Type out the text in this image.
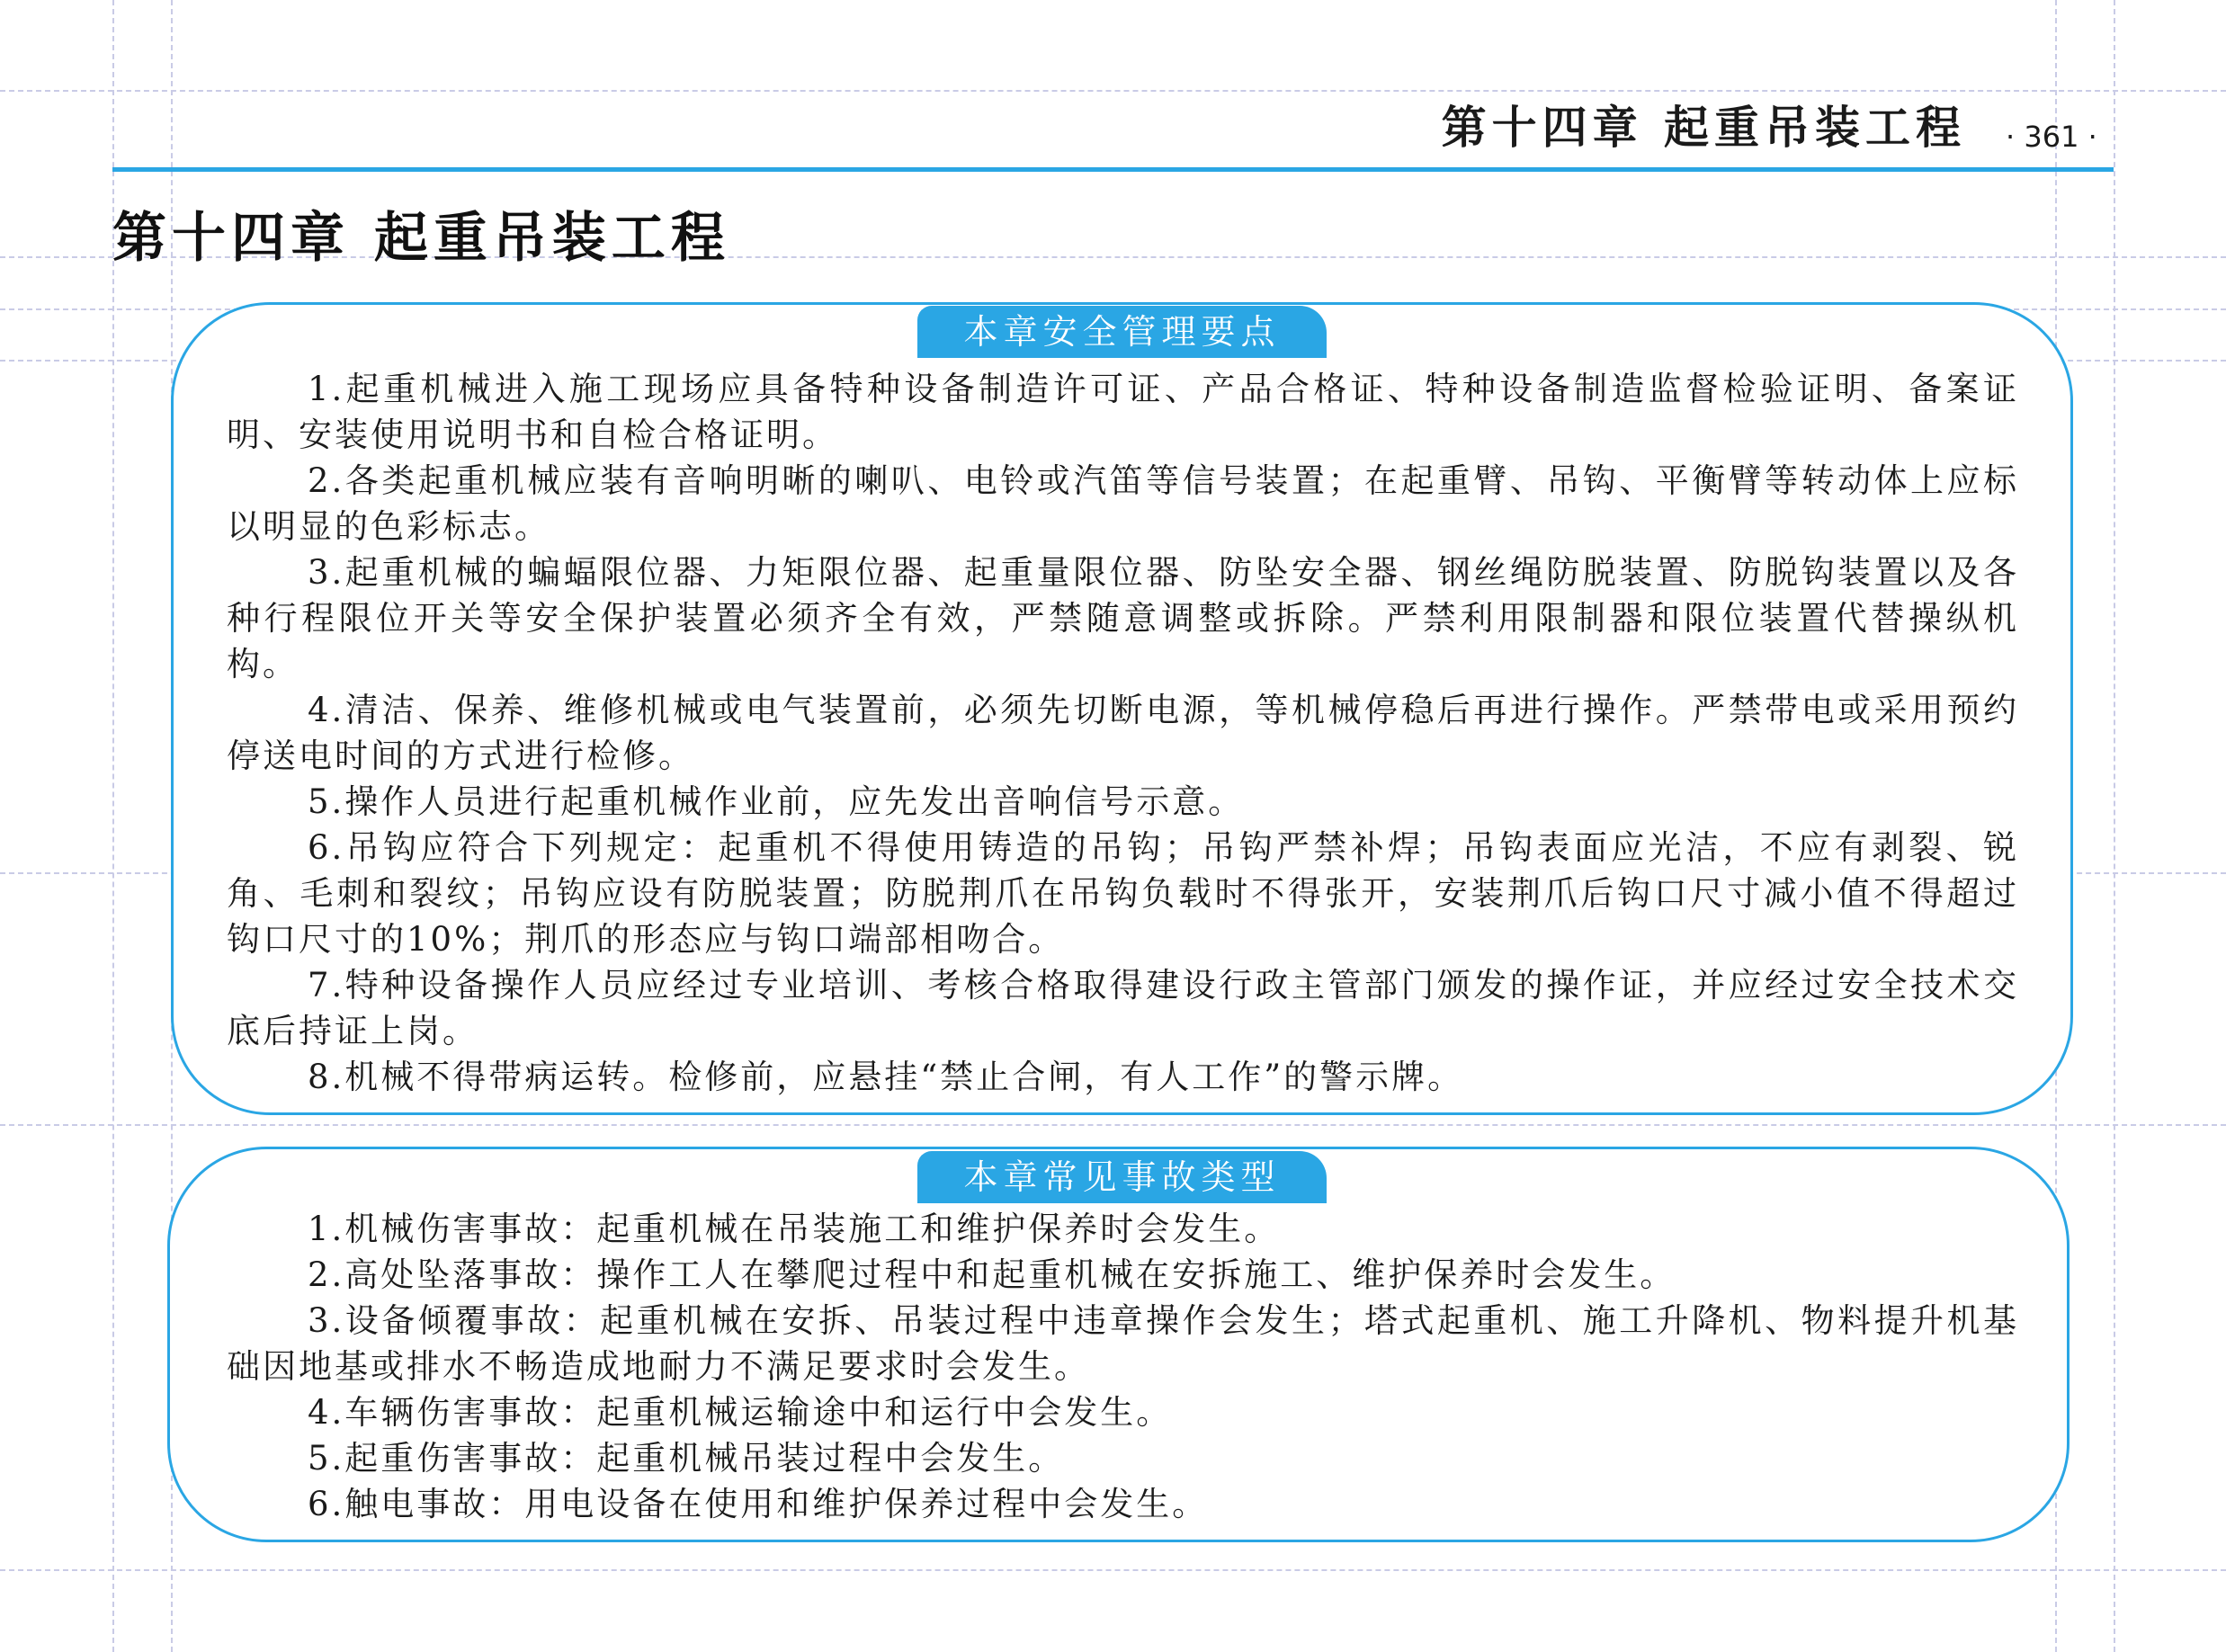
第十四章 起重吊装工程 · 361 ·
第十四章 起重吊装工程
本章安全管理要点

1.起重机械进入施工现场应具备特种设备制造许可证、产品合格证、特种设备制造监督检验证明、备案证明、安装使用说明书和自检合格证明。

2.各类起重机械应装有音响明晰的喇叭、电铃或汽笛等信号装置；在起重臂、吊钩、平衡臂等转动体上应标以明显的色彩标志。

3.起重机械的蝙蝠限位器、力矩限位器、起重量限位器、防坠安全器、钢丝绳防脱装置、防脱钩装置以及各种行程限位开关等安全保护装置必须齐全有效，严禁随意调整或拆除。严禁利用限制器和限位装置代替操纵机构。

4.清洁、保养、维修机械或电气装置前，必须先切断电源，等机械停稳后再进行操作。严禁带电或采用预约停送电时间的方式进行检修。

5.操作人员进行起重机械作业前，应先发出音响信号示意。

6.吊钩应符合下列规定：起重机不得使用铸造的吊钩；吊钩严禁补焊；吊钩表面应光洁，不应有剥裂、锐角、毛刺和裂纹；吊钩应设有防脱装置；防脱荆爪在吊钩负载时不得张开，安装荆爪后钩口尺寸减小值不得超过钩口尺寸的10%；荆爪的形态应与钩口端部相吻合。

7.特种设备操作人员应经过专业培训、考核合格取得建设行政主管部门颁发的操作证，并应经过安全技术交底后持证上岗。

8.机械不得带病运转。检修前，应悬挂“禁止合闸，有人工作”的警示牌。

本章常见事故类型

1.机械伤害事故：起重机械在吊装施工和维护保养时会发生。

2.高处坠落事故：操作工人在攀爬过程中和起重机械在安拆施工、维护保养时会发生。

3.设备倾覆事故：起重机械在安拆、吊装过程中违章操作会发生；塔式起重机、施工升降机、物料提升机基础因地基或排水不畅造成地耐力不满足要求时会发生。

4.车辆伤害事故：起重机械运输途中和运行中会发生。

5.起重伤害事故：起重机械吊装过程中会发生。

6.触电事故：用电设备在使用和维护保养过程中会发生。
